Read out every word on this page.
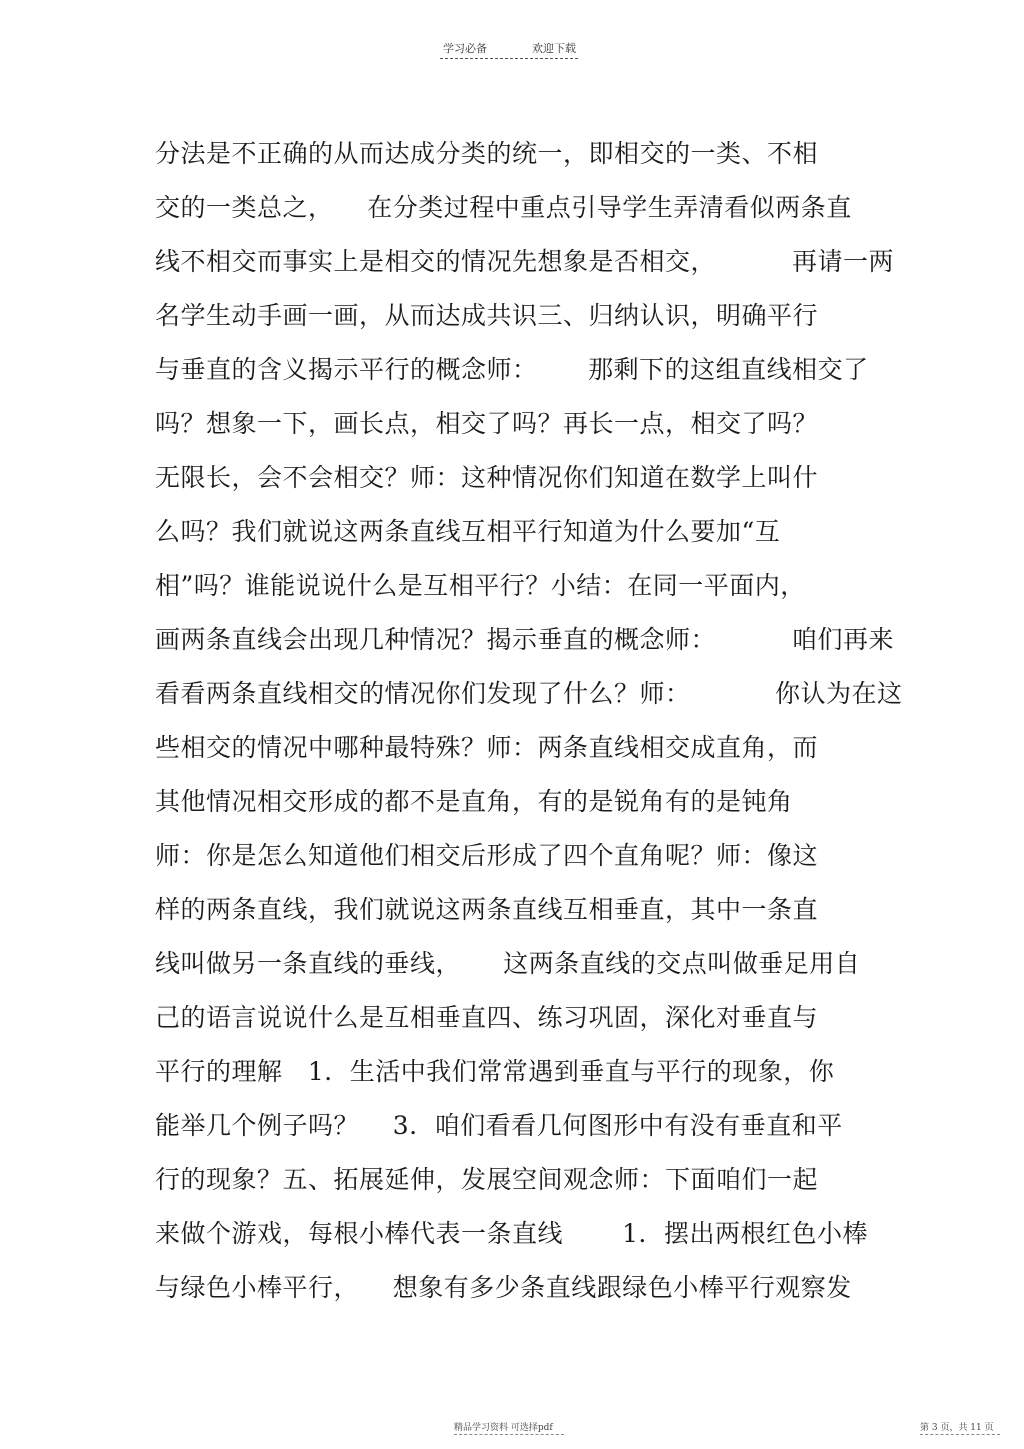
学习必备	欢迎下载
分法是不正确的从而达成分类的统一，即相交的一类、不相
交的一类总之，    在分类过程中重点引导学生弄清看似两条直
线不相交而事实上是相交的情况先想象是否相交，         再请一两
名学生动手画一画，从而达成共识三、归纳认识，明确平行
与垂直的含义揭示平行的概念师：      那剩下的这组直线相交了
吗？想象一下，画长点，相交了吗？再长一点，相交了吗？
无限长，会不会相交？师：这种情况你们知道在数学上叫什
么吗？我们就说这两条直线互相平行知道为什么要加“互
相”吗？谁能说说什么是互相平行？小结：在同一平面内，
画两条直线会出现几种情况？揭示垂直的概念师：         咱们再来
看看两条直线相交的情况你们发现了什么？师：          你认为在这
些相交的情况中哪种最特殊？师：两条直线相交成直角，而
其他情况相交形成的都不是直角，有的是锐角有的是钝角
师：你是怎么知道他们相交后形成了四个直角呢？师：像这
样的两条直线，我们就说这两条直线互相垂直，其中一条直
线叫做另一条直线的垂线，     这两条直线的交点叫做垂足用自
己的语言说说什么是互相垂直四、练习巩固，深化对垂直与
平行的理解   1．生活中我们常常遇到垂直与平行的现象，你
能举几个例子吗？    3．咱们看看几何图形中有没有垂直和平
行的现象？五、拓展延伸，发展空间观念师：下面咱们一起
来做个游戏，每根小棒代表一条直线       1．摆出两根红色小棒
与绿色小棒平行，    想象有多少条直线跟绿色小棒平行观察发
精品学习资料 可选择pdf	第 3 页，共 11 页
